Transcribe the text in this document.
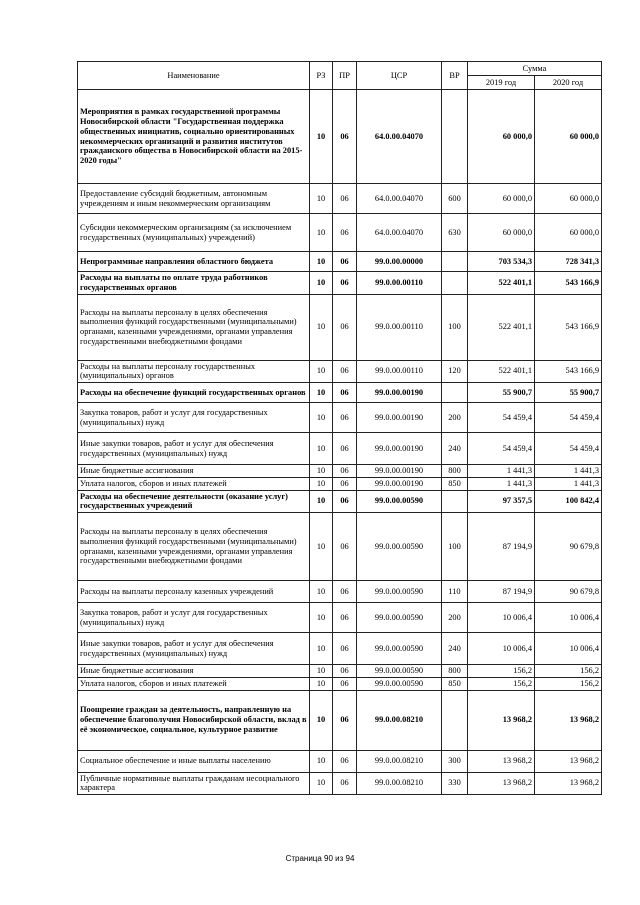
Наименование	РЗ	ПР	ЦСР	ВР	Сумма	
					2019 год	2020 год
Мероприятия в рамках государственной программы Новосибирской области "Государственная поддержка общественных инициатив, социально ориентированных некоммерческих организаций и развития институтов гражданского общества в Новосибирской области на 2015-2020 годы"	10	06	64.0.00.04070		60 000,0	60 000,0
Предоставление субсидий бюджетным, автономным учреждениям и иным некоммерческим организациям	10	06	64.0.00.04070	600	60 000,0	60 000,0
Субсидии некоммерческим организациям (за исключением государственных (муниципальных) учреждений)	10	06	64.0.00.04070	630	60 000,0	60 000,0
Непрограммные направления областного бюджета	10	06	99.0.00.00000		703 534,3	728 341,3
Расходы на выплаты по оплате труда работников государственных органов	10	06	99.0.00.00110		522 401,1	543 166,9
Расходы на выплаты персоналу в целях обеспечения выполнения функций государственными (муниципальными) органами, казенными учреждениями, органами управления государственными внебюджетными фондами	10	06	99.0.00.00110	100	522 401,1	543 166,9
Расходы на выплаты персоналу государственных (муниципальных) органов	10	06	99.0.00.00110	120	522 401,1	543 166,9
Расходы на обеспечение функций государственных органов	10	06	99.0.00.00190		55 900,7	55 900,7
Закупка товаров, работ и услуг для государственных (муниципальных) нужд	10	06	99.0.00.00190	200	54 459,4	54 459,4
Иные закупки товаров, работ и услуг для обеспечения государственных (муниципальных) нужд	10	06	99.0.00.00190	240	54 459,4	54 459,4
Иные бюджетные ассигнования	10	06	99.0.00.00190	800	1 441,3	1 441,3
Уплата налогов, сборов и иных платежей	10	06	99.0.00.00190	850	1 441,3	1 441,3
Расходы на обеспечение деятельности (оказание услуг) государственных учреждений	10	06	99.0.00.00590		97 357,5	100 842,4
Расходы на выплаты персоналу в целях обеспечения выполнения функций государственными (муниципальными) органами, казенными учреждениями, органами управления государственными внебюджетными фондами	10	06	99.0.00.00590	100	87 194,9	90 679,8
Расходы на выплаты персоналу казенных учреждений	10	06	99.0.00.00590	110	87 194,9	90 679,8
Закупка товаров, работ и услуг для государственных (муниципальных) нужд	10	06	99.0.00.00590	200	10 006,4	10 006,4
Иные закупки товаров, работ и услуг для обеспечения государственных (муниципальных) нужд	10	06	99.0.00.00590	240	10 006,4	10 006,4
Иные бюджетные ассигнования	10	06	99.0.00.00590	800	156,2	156,2
Уплата налогов, сборов и иных платежей	10	06	99.0.00.00590	850	156,2	156,2
Поощрение граждан за деятельность, направленную на обеспечение благополучия Новосибирской области, вклад в её экономическое, социальное, культурное развитие	10	06	99.0.00.08210		13 968,2	13 968,2
Социальное обеспечение и иные выплаты населению	10	06	99.0.00.08210	300	13 968,2	13 968,2
Публичные нормативные выплаты гражданам несоциального характера	10	06	99.0.00.08210	330	13 968,2	13 968,2
Страница 90 из 94
